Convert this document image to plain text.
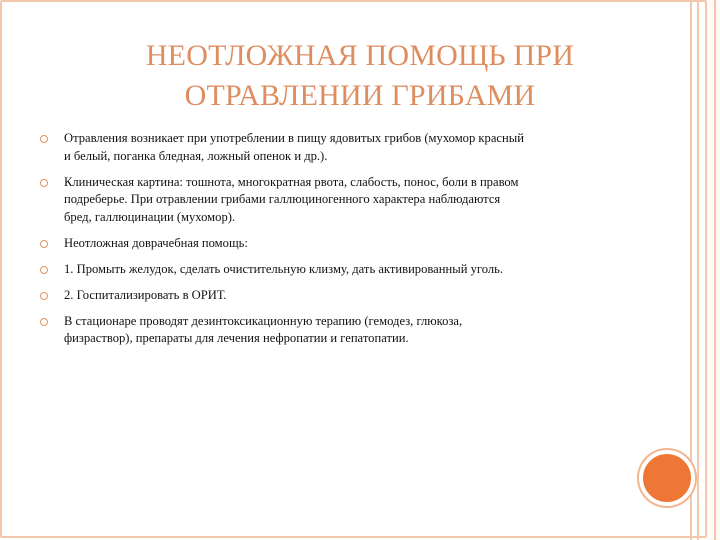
НЕОТЛОЖНАЯ ПОМОЩЬ ПРИ
ОТРАВЛЕНИИ ГРИБАМИ
Отравления возникает при употреблении в пищу ядовитых грибов (мухомор красный
и белый, поганка бледная, ложный опенок и др.).
Клиническая картина: тошнота, многократная рвота, слабость, понос, боли в правом
подреберье. При отравлении грибами галлюциногенного характера наблюдаются
бред, галлюцинации (мухомор).
Неотложная доврачебная помощь:
1. Промыть желудок, сделать очистительную клизму, дать активированный уголь.
2. Госпитализировать в ОРИТ.
В стационаре проводят дезинтоксикационную терапию (гемодез, глюкоза,
физраствор), препараты для лечения нефропатии и гепатопатии.
